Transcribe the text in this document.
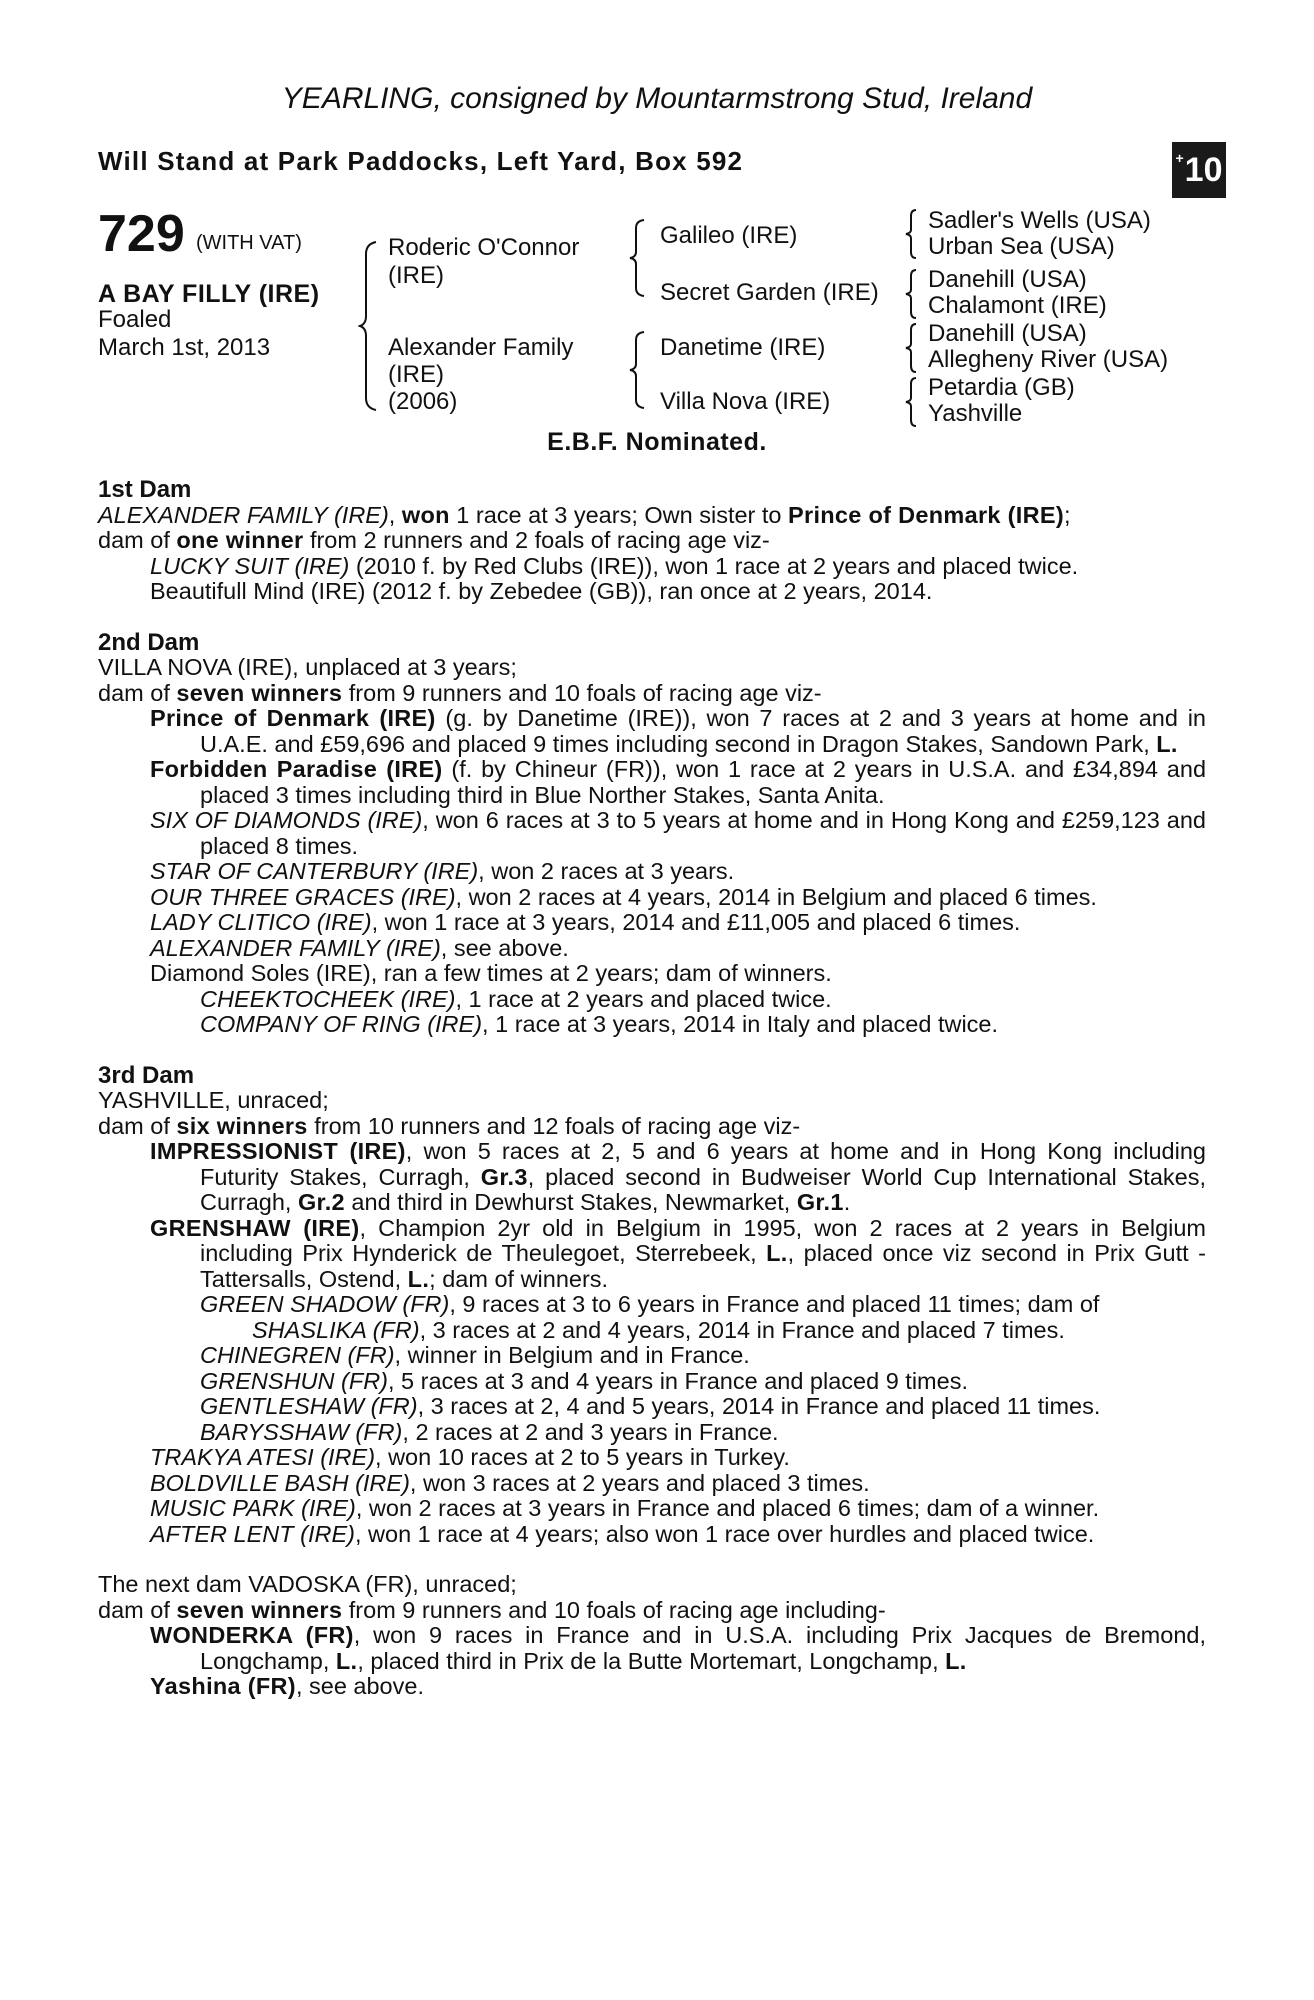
YEARLING, consigned by Mountarmstrong Stud, Ireland
Will Stand at Park Paddocks, Left Yard, Box 592	+ 10
729 (WITH VAT)
A BAY FILLY (IRE)
Foaled
March 1st, 2013
Roderic O'Connor
(IRE)
Alexander Family
(IRE)
(2006)
Galileo (IRE)
Secret Garden (IRE)
Danetime (IRE)
Villa Nova (IRE)
Sadler's Wells (USA)
Urban Sea (USA)
Danehill (USA)
Chalamont (IRE)
Danehill (USA)
Allegheny River (USA)
Petardia (GB)
Yashville
E.B.F. Nominated.

1st Dam

ALEXANDER FAMILY (IRE), won 1 race at 3 years; Own sister to Prince of Denmark (IRE);

dam of one winner from 2 runners and 2 foals of racing age viz-

LUCKY SUIT (IRE) (2010 f. by Red Clubs (IRE)), won 1 race at 2 years and placed twice.

Beautifull Mind (IRE) (2012 f. by Zebedee (GB)), ran once at 2 years, 2014.

2nd Dam

VILLA NOVA (IRE), unplaced at 3 years;

dam of seven winners from 9 runners and 10 foals of racing age viz-

Prince of Denmark (IRE) (g. by Danetime (IRE)), won 7 races at 2 and 3 years at home and in U.A.E. and £59,696 and placed 9 times including second in Dragon Stakes, Sandown Park, L.

Forbidden Paradise (IRE) (f. by Chineur (FR)), won 1 race at 2 years in U.S.A. and £34,894 and placed 3 times including third in Blue Norther Stakes, Santa Anita.

SIX OF DIAMONDS (IRE), won 6 races at 3 to 5 years at home and in Hong Kong and £259,123 and placed 8 times.

STAR OF CANTERBURY (IRE), won 2 races at 3 years.

OUR THREE GRACES (IRE), won 2 races at 4 years, 2014 in Belgium and placed 6 times.

LADY CLITICO (IRE), won 1 race at 3 years, 2014 and £11,005 and placed 6 times.

ALEXANDER FAMILY (IRE), see above.

Diamond Soles (IRE), ran a few times at 2 years; dam of winners.

CHEEKTOCHEEK (IRE), 1 race at 2 years and placed twice.

COMPANY OF RING (IRE), 1 race at 3 years, 2014 in Italy and placed twice.

3rd Dam

YASHVILLE, unraced;

dam of six winners from 10 runners and 12 foals of racing age viz-

IMPRESSIONIST (IRE), won 5 races at 2, 5 and 6 years at home and in Hong Kong including Futurity Stakes, Curragh, Gr.3, placed second in Budweiser World Cup International Stakes, Curragh, Gr.2 and third in Dewhurst Stakes, Newmarket, Gr.1.

GRENSHAW (IRE), Champion 2yr old in Belgium in 1995, won 2 races at 2 years in Belgium including Prix Hynderick de Theulegoet, Sterrebeek, L., placed once viz second in Prix Gutt - Tattersalls, Ostend, L.; dam of winners.

GREEN SHADOW (FR), 9 races at 3 to 6 years in France and placed 11 times; dam of

SHASLIKA (FR), 3 races at 2 and 4 years, 2014 in France and placed 7 times.

CHINEGREN (FR), winner in Belgium and in France.

GRENSHUN (FR), 5 races at 3 and 4 years in France and placed 9 times.

GENTLESHAW (FR), 3 races at 2, 4 and 5 years, 2014 in France and placed 11 times.

BARYSSHAW (FR), 2 races at 2 and 3 years in France.

TRAKYA ATESI (IRE), won 10 races at 2 to 5 years in Turkey.

BOLDVILLE BASH (IRE), won 3 races at 2 years and placed 3 times.

MUSIC PARK (IRE), won 2 races at 3 years in France and placed 6 times; dam of a winner.

AFTER LENT (IRE), won 1 race at 4 years; also won 1 race over hurdles and placed twice.

The next dam VADOSKA (FR), unraced;

dam of seven winners from 9 runners and 10 foals of racing age including-

WONDERKA (FR), won 9 races in France and in U.S.A. including Prix Jacques de Bremond, Longchamp, L., placed third in Prix de la Butte Mortemart, Longchamp, L.

Yashina (FR), see above.
